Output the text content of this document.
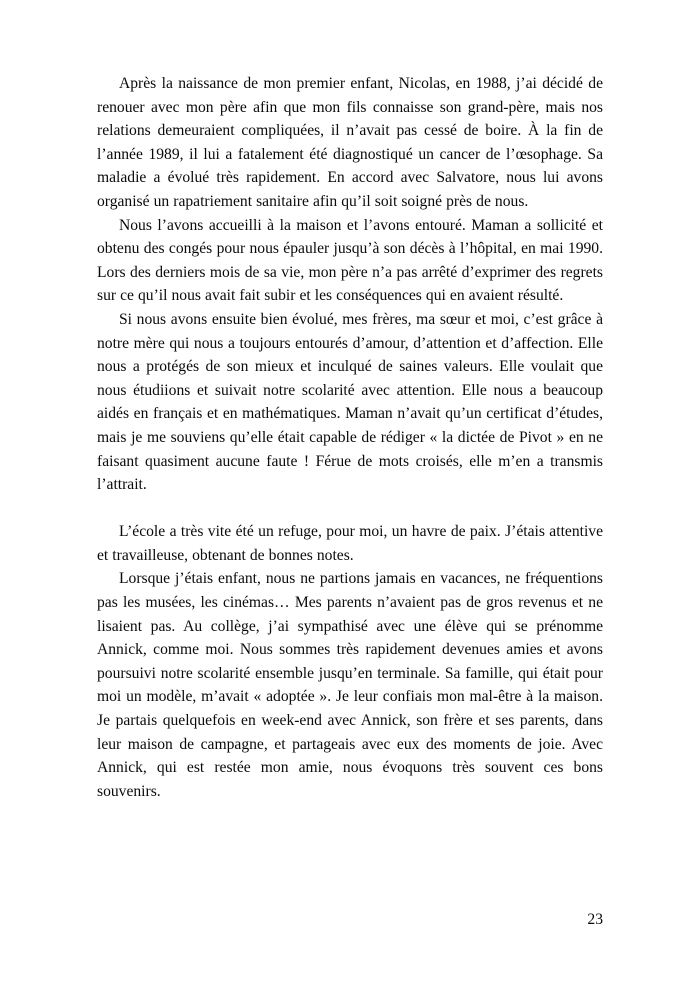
Après la naissance de mon premier enfant, Nicolas, en 1988, j’ai décidé de renouer avec mon père afin que mon fils connaisse son grand-père, mais nos relations demeuraient compliquées, il n’avait pas cessé de boire. À la fin de l’année 1989, il lui a fatalement été diagnostiqué un cancer de l’œsophage. Sa maladie a évolué très rapidement. En accord avec Salvatore, nous lui avons organisé un rapatriement sanitaire afin qu’il soit soigné près de nous.

Nous l’avons accueilli à la maison et l’avons entouré. Maman a sollicité et obtenu des congés pour nous épauler jusqu’à son décès à l’hôpital, en mai 1990. Lors des derniers mois de sa vie, mon père n’a pas arrêté d’exprimer des regrets sur ce qu’il nous avait fait subir et les conséquences qui en avaient résulté.

Si nous avons ensuite bien évolué, mes frères, ma sœur et moi, c’est grâce à notre mère qui nous a toujours entourés d’amour, d’attention et d’affection. Elle nous a protégés de son mieux et inculqué de saines valeurs. Elle voulait que nous étudiions et suivait notre scolarité avec attention. Elle nous a beaucoup aidés en français et en mathématiques. Maman n’avait qu’un certificat d’études, mais je me souviens qu’elle était capable de rédiger « la dictée de Pivot » en ne faisant quasiment aucune faute ! Férue de mots croisés, elle m’en a transmis l’attrait.

L’école a très vite été un refuge, pour moi, un havre de paix. J’étais attentive et travailleuse, obtenant de bonnes notes.

Lorsque j’étais enfant, nous ne partions jamais en vacances, ne fréquentions pas les musées, les cinémas… Mes parents n’avaient pas de gros revenus et ne lisaient pas. Au collège, j’ai sympathisé avec une élève qui se prénomme Annick, comme moi. Nous sommes très rapidement devenues amies et avons poursuivi notre scolarité ensemble jusqu’en terminale. Sa famille, qui était pour moi un modèle, m’avait « adoptée ». Je leur confiais mon mal-être à la maison. Je partais quelquefois en week-end avec Annick, son frère et ses parents, dans leur maison de campagne, et partageais avec eux des moments de joie. Avec Annick, qui est restée mon amie, nous évoquons très souvent ces bons souvenirs.

23
